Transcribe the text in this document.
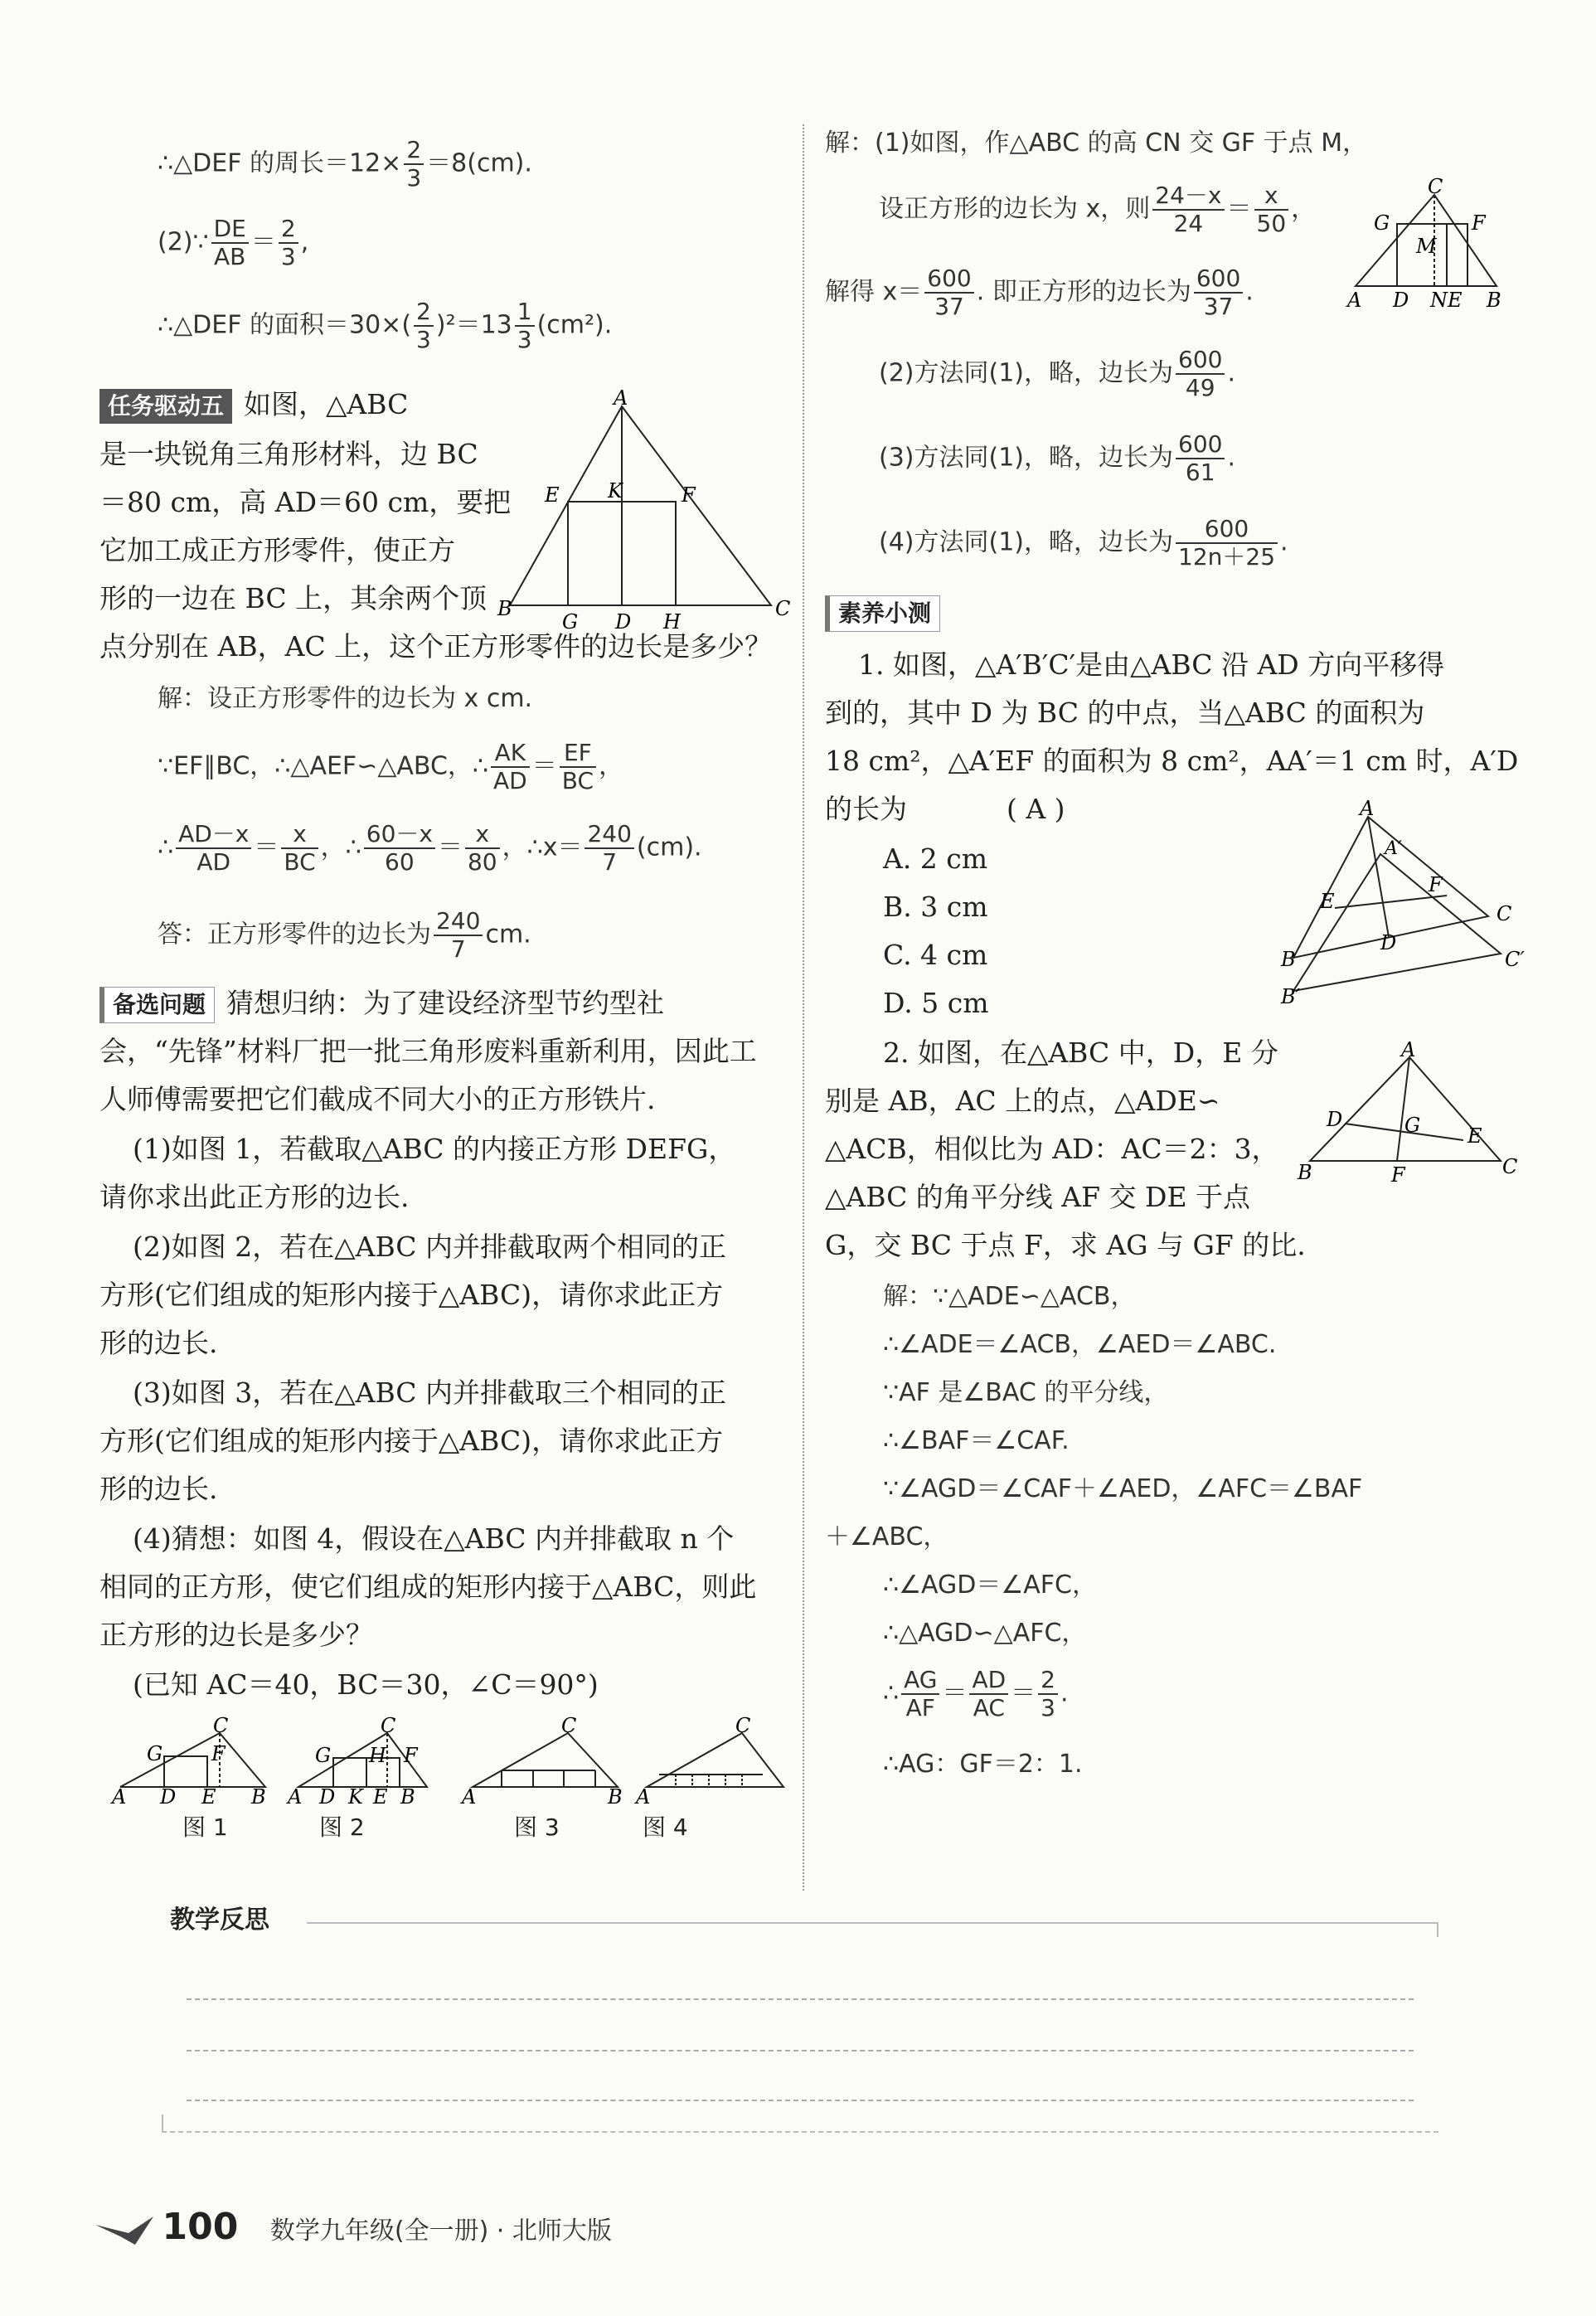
∴△DEF 的周长$=12\times \frac{2}{3} =8(cm)$.
(2)∵ $\frac{DE}{AB} = \frac{2}{3}$ ,
∴△DEF 的面积$=30\times( \frac{2}{3} )^2=13 \frac{1}{3} (cm^2)$.
任务驱动五 如图，△ABC
是一块锐角三角形材料，边 BC
＝80 cm，高 AD＝60 cm，要把
它加工成正方形零件，使正方
形的一边在 BC 上，其余两个顶
点分别在 AB，AC 上，这个正方形零件的边长是多少？
A
B	C
E	F
K
G D H
解：设正方形零件的边长为 x cm.
∵EF∥BC，∴△AEF∽△ABC，∴ $\frac{AK}{AD} = \frac{EF}{BC}$ ，
∴ $\frac{AD-x}{AD} = \frac{x}{BC}$ ，∴ $\frac{60-x}{60} = \frac{x}{80}$ ，∴x＝ $\frac{240}{7} (cm)$.
答：正方形零件的边长为 $\frac{240}{7}$ cm.
备选问题 猜想归纳：为了建设经济型节约型社
会，“先锋”材料厂把一批三角形废料重新利用，因此工
人师傅需要把它们截成不同大小的正方形铁片.
(1)如图 1，若截取△ABC 的内接正方形 DEFG，
请你求出此正方形的边长.
(2)如图 2，若在△ABC 内并排截取两个相同的正
方形(它们组成的矩形内接于△ABC)，请你求此正方
形的边长.
(3)如图 3，若在△ABC 内并排截取三个相同的正
方形(它们组成的矩形内接于△ABC)，请你求此正方
形的边长.
(4)猜想：如图 4，假设在△ABC 内并排截取 n 个
相同的正方形，使它们组成的矩形内接于△ABC，则此
正方形的边长是多少？
(已知 AC＝40，BC＝30，∠C＝90°)
C
G F
A D E B
C
G H F
A D K E B
C
A	B
C
A
图 1	图 2	图 3	图 4
解：(1)如图，作△ABC 的高 CN 交 GF 于点 M，
设正方形的边长为 x，则 $\frac{24-x}{24} = \frac{x}{50}$ ，
解得 $x= \frac{600}{37}$ . 即正方形的边长为 $\frac{600}{37}$ .
C
G	F
M
A D NE B
(2)方法同(1)，略，边长为 $\frac{600}{49}$ .
(3)方法同(1)，略，边长为 $\frac{600}{61}$ .
(4)方法同(1)，略，边长为 $\frac{600}{12n+25}$ .
素养小测
1. 如图，△A′B′C′是由△ABC 沿 AD 方向平移得
到的，其中 D 为 BC 的中点，当△ABC 的面积为
18 cm²，△A′EF 的面积为 8 cm²，AA′＝1 cm 时，A′D
的长为	( A )
A. 2 cm
B. 3 cm
C. 4 cm
D. 5 cm
A
A′
B
B′
C
C′
E
F
D
2. 如图，在△ABC 中，D，E 分
别是 AB，AC 上的点，△ADE∽
△ACB，相似比为 AD：AC＝2：3，
△ABC 的角平分线 AF 交 DE 于点
G，交 BC 于点 F，求 AG 与 GF 的比.
A
D	G E
B	F	C
解：∵△ADE∽△ACB，
∴∠ADE＝∠ACB，∠AED＝∠ABC.
∵AF 是∠BAC 的平分线，
∴∠BAF＝∠CAF.
∵∠AGD＝∠CAF＋∠AED，∠AFC＝∠BAF
＋∠ABC，
∴∠AGD＝∠AFC，
∴△AGD∽△AFC，
∴ $\frac{AG}{AF} = \frac{AD}{AC} = \frac{2}{3}$ .
∴AG：GF＝2：1.
教学反思
100 数学九年级(全一册) · 北师大版
